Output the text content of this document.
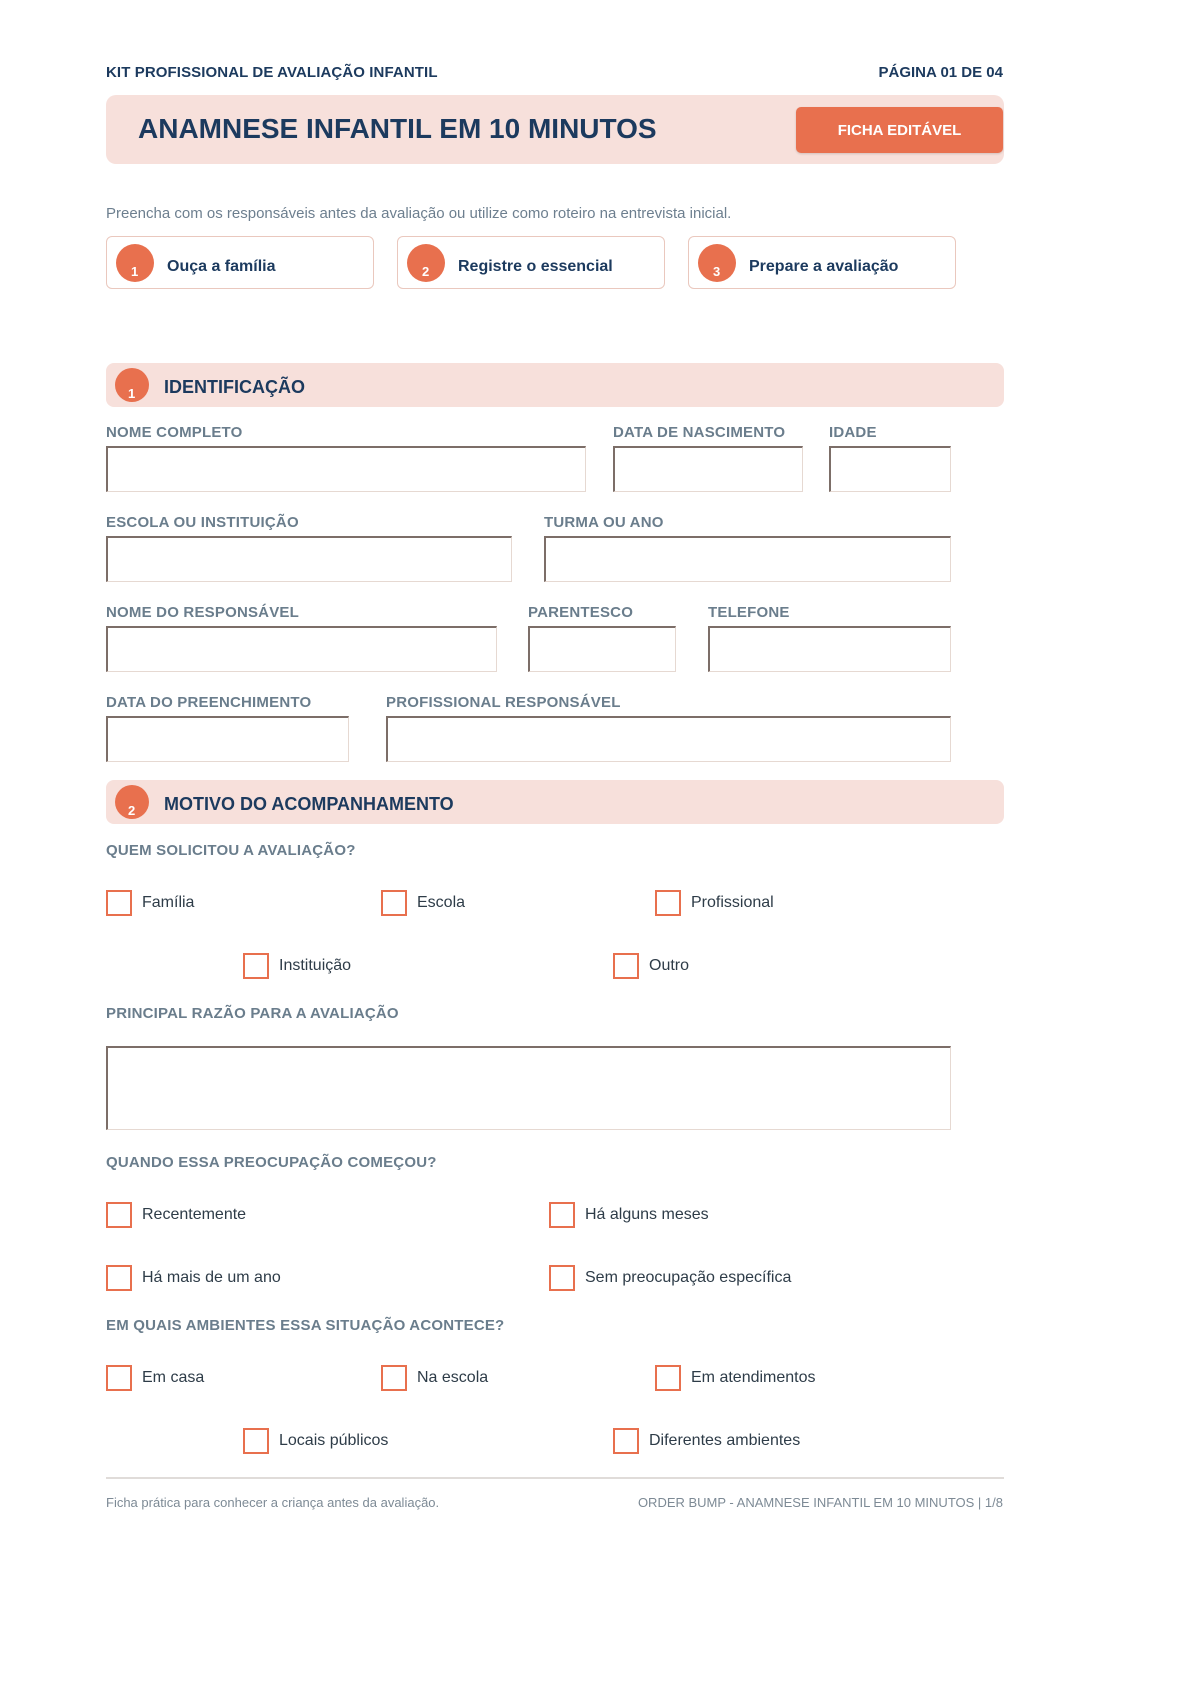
KIT PROFISSIONAL DE AVALIAÇÃO INFANTIL	PÁGINA 01 DE 04
ANAMNESE INFANTIL EM 10 MINUTOS	FICHA EDITÁVEL
Preencha com os responsáveis antes da avaliação ou utilize como roteiro na entrevista inicial.
1 Ouça a família	2 Registre o essencial	3 Prepare a avaliação
1 IDENTIFICAÇÃO
NOME COMPLETO	DATA DE NASCIMENTO	IDADE
ESCOLA OU INSTITUIÇÃO	TURMA OU ANO
NOME DO RESPONSÁVEL	PARENTESCO	TELEFONE
DATA DO PREENCHIMENTO	PROFISSIONAL RESPONSÁVEL
2 MOTIVO DO ACOMPANHAMENTO
QUEM SOLICITOU A AVALIAÇÃO?
Família	Escola	Profissional
Instituição	Outro
PRINCIPAL RAZÃO PARA A AVALIAÇÃO
QUANDO ESSA PREOCUPAÇÃO COMEÇOU?
Recentemente	Há alguns meses
Há mais de um ano	Sem preocupação específica
EM QUAIS AMBIENTES ESSA SITUAÇÃO ACONTECE?
Em casa	Na escola	Em atendimentos
Locais públicos	Diferentes ambientes
Ficha prática para conhecer a criança antes da avaliação.	ORDER BUMP - ANAMNESE INFANTIL EM 10 MINUTOS | 1/8
